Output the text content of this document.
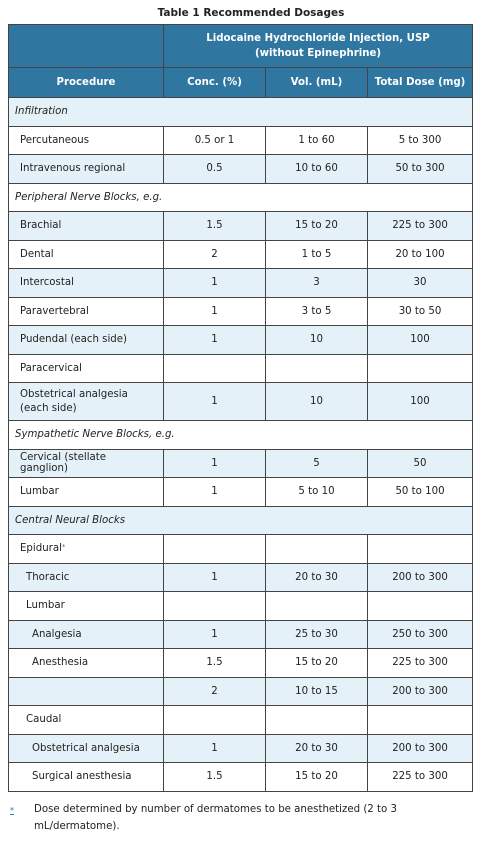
Table 1 Recommended Dosages

	Lidocaine Hydrochloride Injection, USP
(without Epinephrine)		

Procedure	Conc. (%)	Vol. (mL)	Total Dose (mg)
Infiltration			
Percutaneous	0.5 or 1	1 to 60	5 to 300
Intravenous regional	0.5	10 to 60	50 to 300
Peripheral Nerve Blocks, e.g.			
Brachial	1.5	15 to 20	225 to 300
Dental	2	1 to 5	20 to 100
Intercostal	1	3	30
Paravertebral	1	3 to 5	30 to 50
Pudendal (each side)	1	10	100
Paracervical			
Obstetrical analgesia (each side)	1	10	100
Sympathetic Nerve Blocks, e.g.			
Cervical (stellate ganglion)	1	5	50
Lumbar	1	5 to 10	50 to 100
Central Neural Blocks			
Epidural*			
Thoracic	1	20 to 30	200 to 300
Lumbar			
Analgesia	1	25 to 30	250 to 300
Anesthesia	1.5	15 to 20	225 to 300
	2	10 to 15	200 to 300
Caudal			
Obstetrical analgesia	1	20 to 30	200 to 300
Surgical anesthesia	1.5	15 to 20	225 to 300
*	Dose determined by number of dermatomes to be anesthetized (2 to 3 mL/dermatome).
